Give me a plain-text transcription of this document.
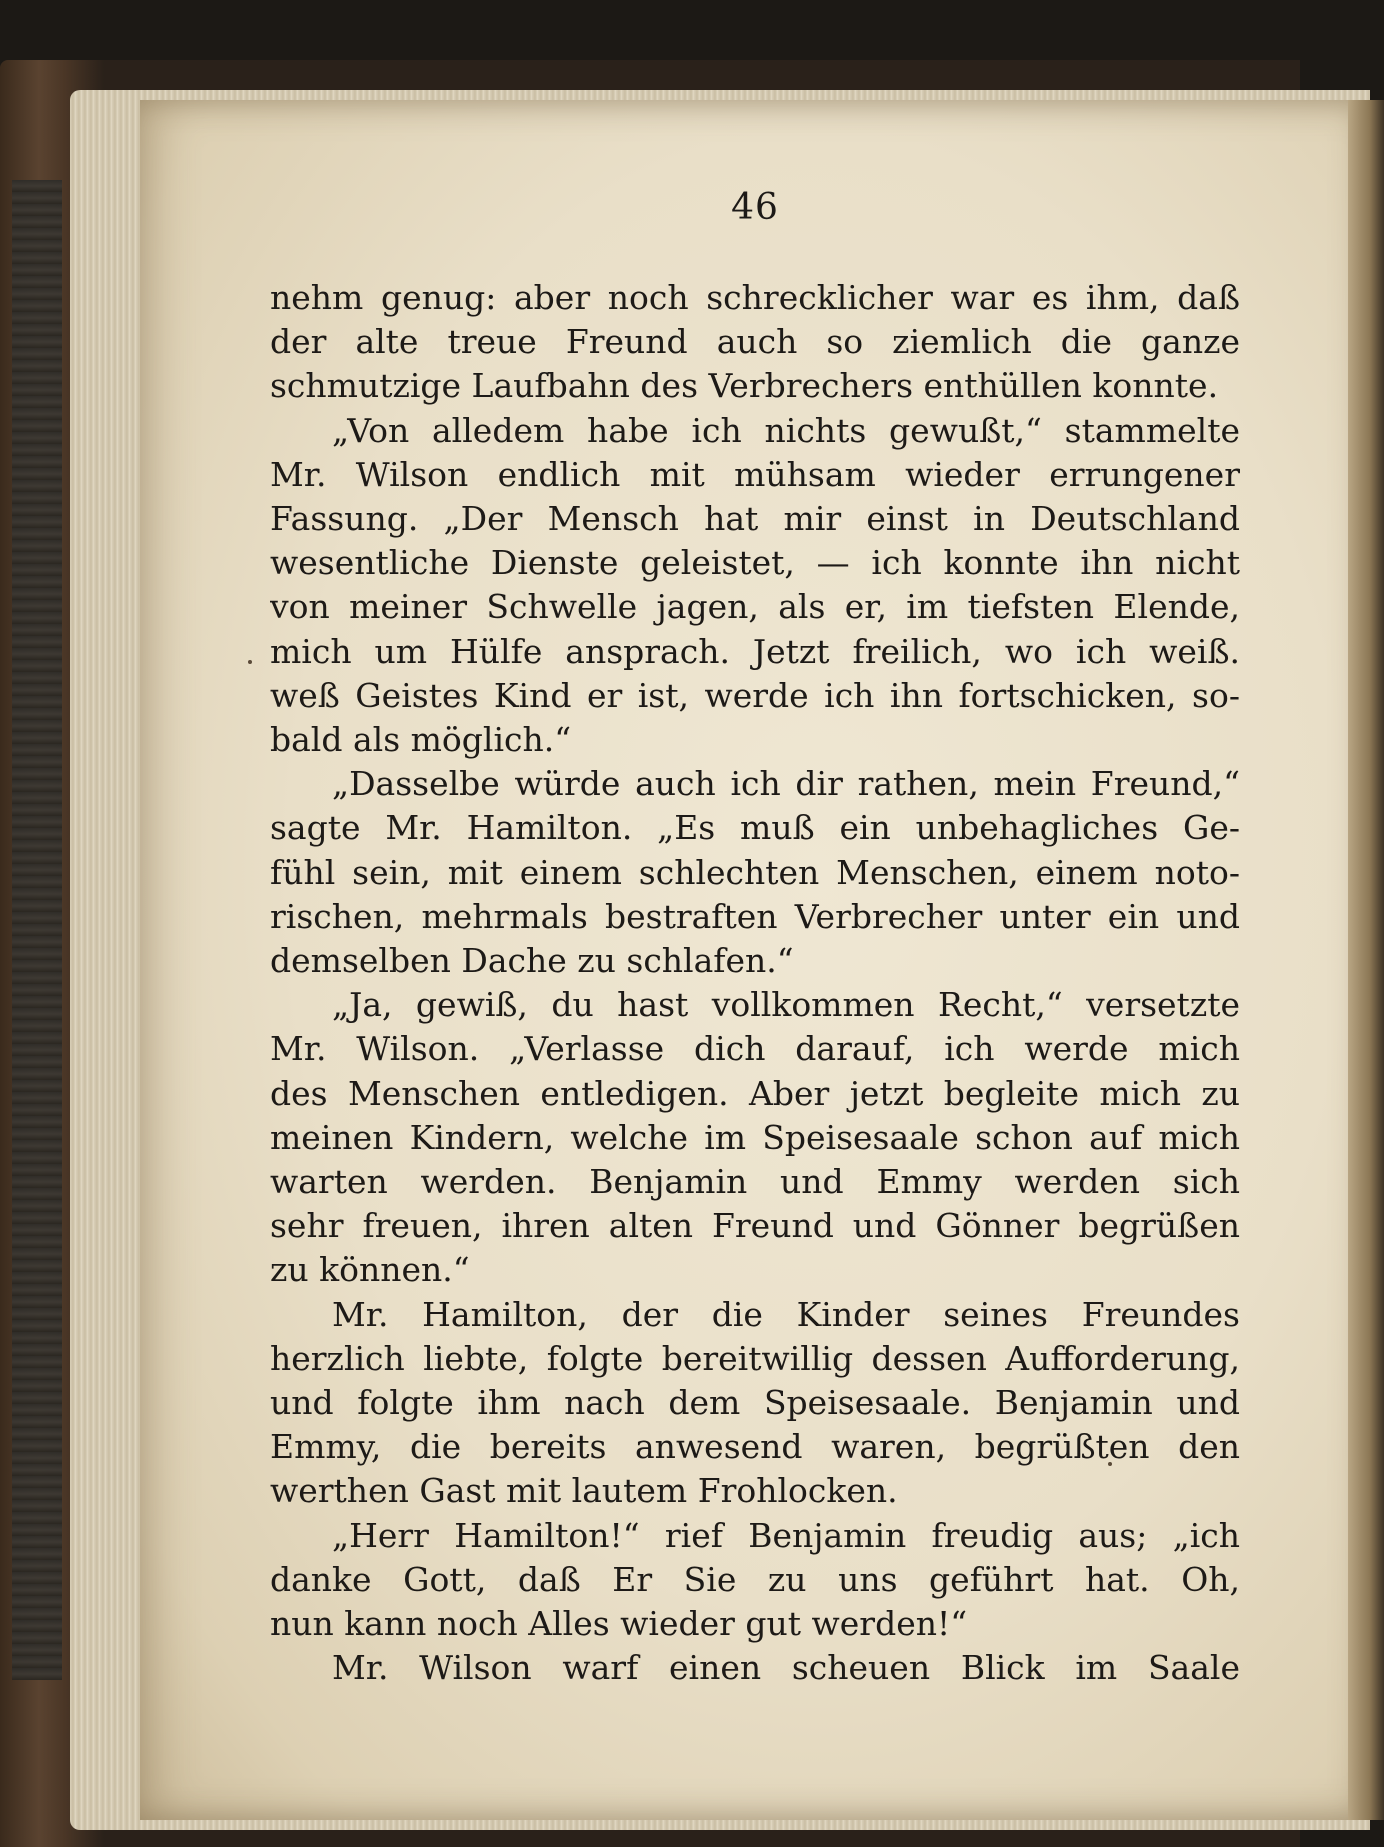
46
nehm genug: aber noch schrecklicher war es ihm, daß
der alte treue Freund auch so ziemlich die ganze
schmutzige Laufbahn des Verbrechers enthüllen konnte.
„Von alledem habe ich nichts gewußt,“ stammelte
Mr. Wilson endlich mit mühsam wieder errungener
Fassung. „Der Mensch hat mir einst in Deutschland
wesentliche Dienste geleistet, — ich konnte ihn nicht
von meiner Schwelle jagen, als er, im tiefsten Elende,
mich um Hülfe ansprach. Jetzt freilich, wo ich weiß.
weß Geistes Kind er ist, werde ich ihn fortschicken, so-
bald als möglich.“
„Dasselbe würde auch ich dir rathen, mein Freund,“
sagte Mr. Hamilton. „Es muß ein unbehagliches Ge-
fühl sein, mit einem schlechten Menschen, einem noto-
rischen, mehrmals bestraften Verbrecher unter ein und
demselben Dache zu schlafen.“
„Ja, gewiß, du hast vollkommen Recht,“ versetzte
Mr. Wilson. „Verlasse dich darauf, ich werde mich
des Menschen entledigen. Aber jetzt begleite mich zu
meinen Kindern, welche im Speisesaale schon auf mich
warten werden. Benjamin und Emmy werden sich
sehr freuen, ihren alten Freund und Gönner begrüßen
zu können.“
Mr. Hamilton, der die Kinder seines Freundes
herzlich liebte, folgte bereitwillig dessen Aufforderung,
und folgte ihm nach dem Speisesaale. Benjamin und
Emmy, die bereits anwesend waren, begrüßten den
werthen Gast mit lautem Frohlocken.
„Herr Hamilton!“ rief Benjamin freudig aus; „ich
danke Gott, daß Er Sie zu uns geführt hat. Oh,
nun kann noch Alles wieder gut werden!“
Mr. Wilson warf einen scheuen Blick im Saale
